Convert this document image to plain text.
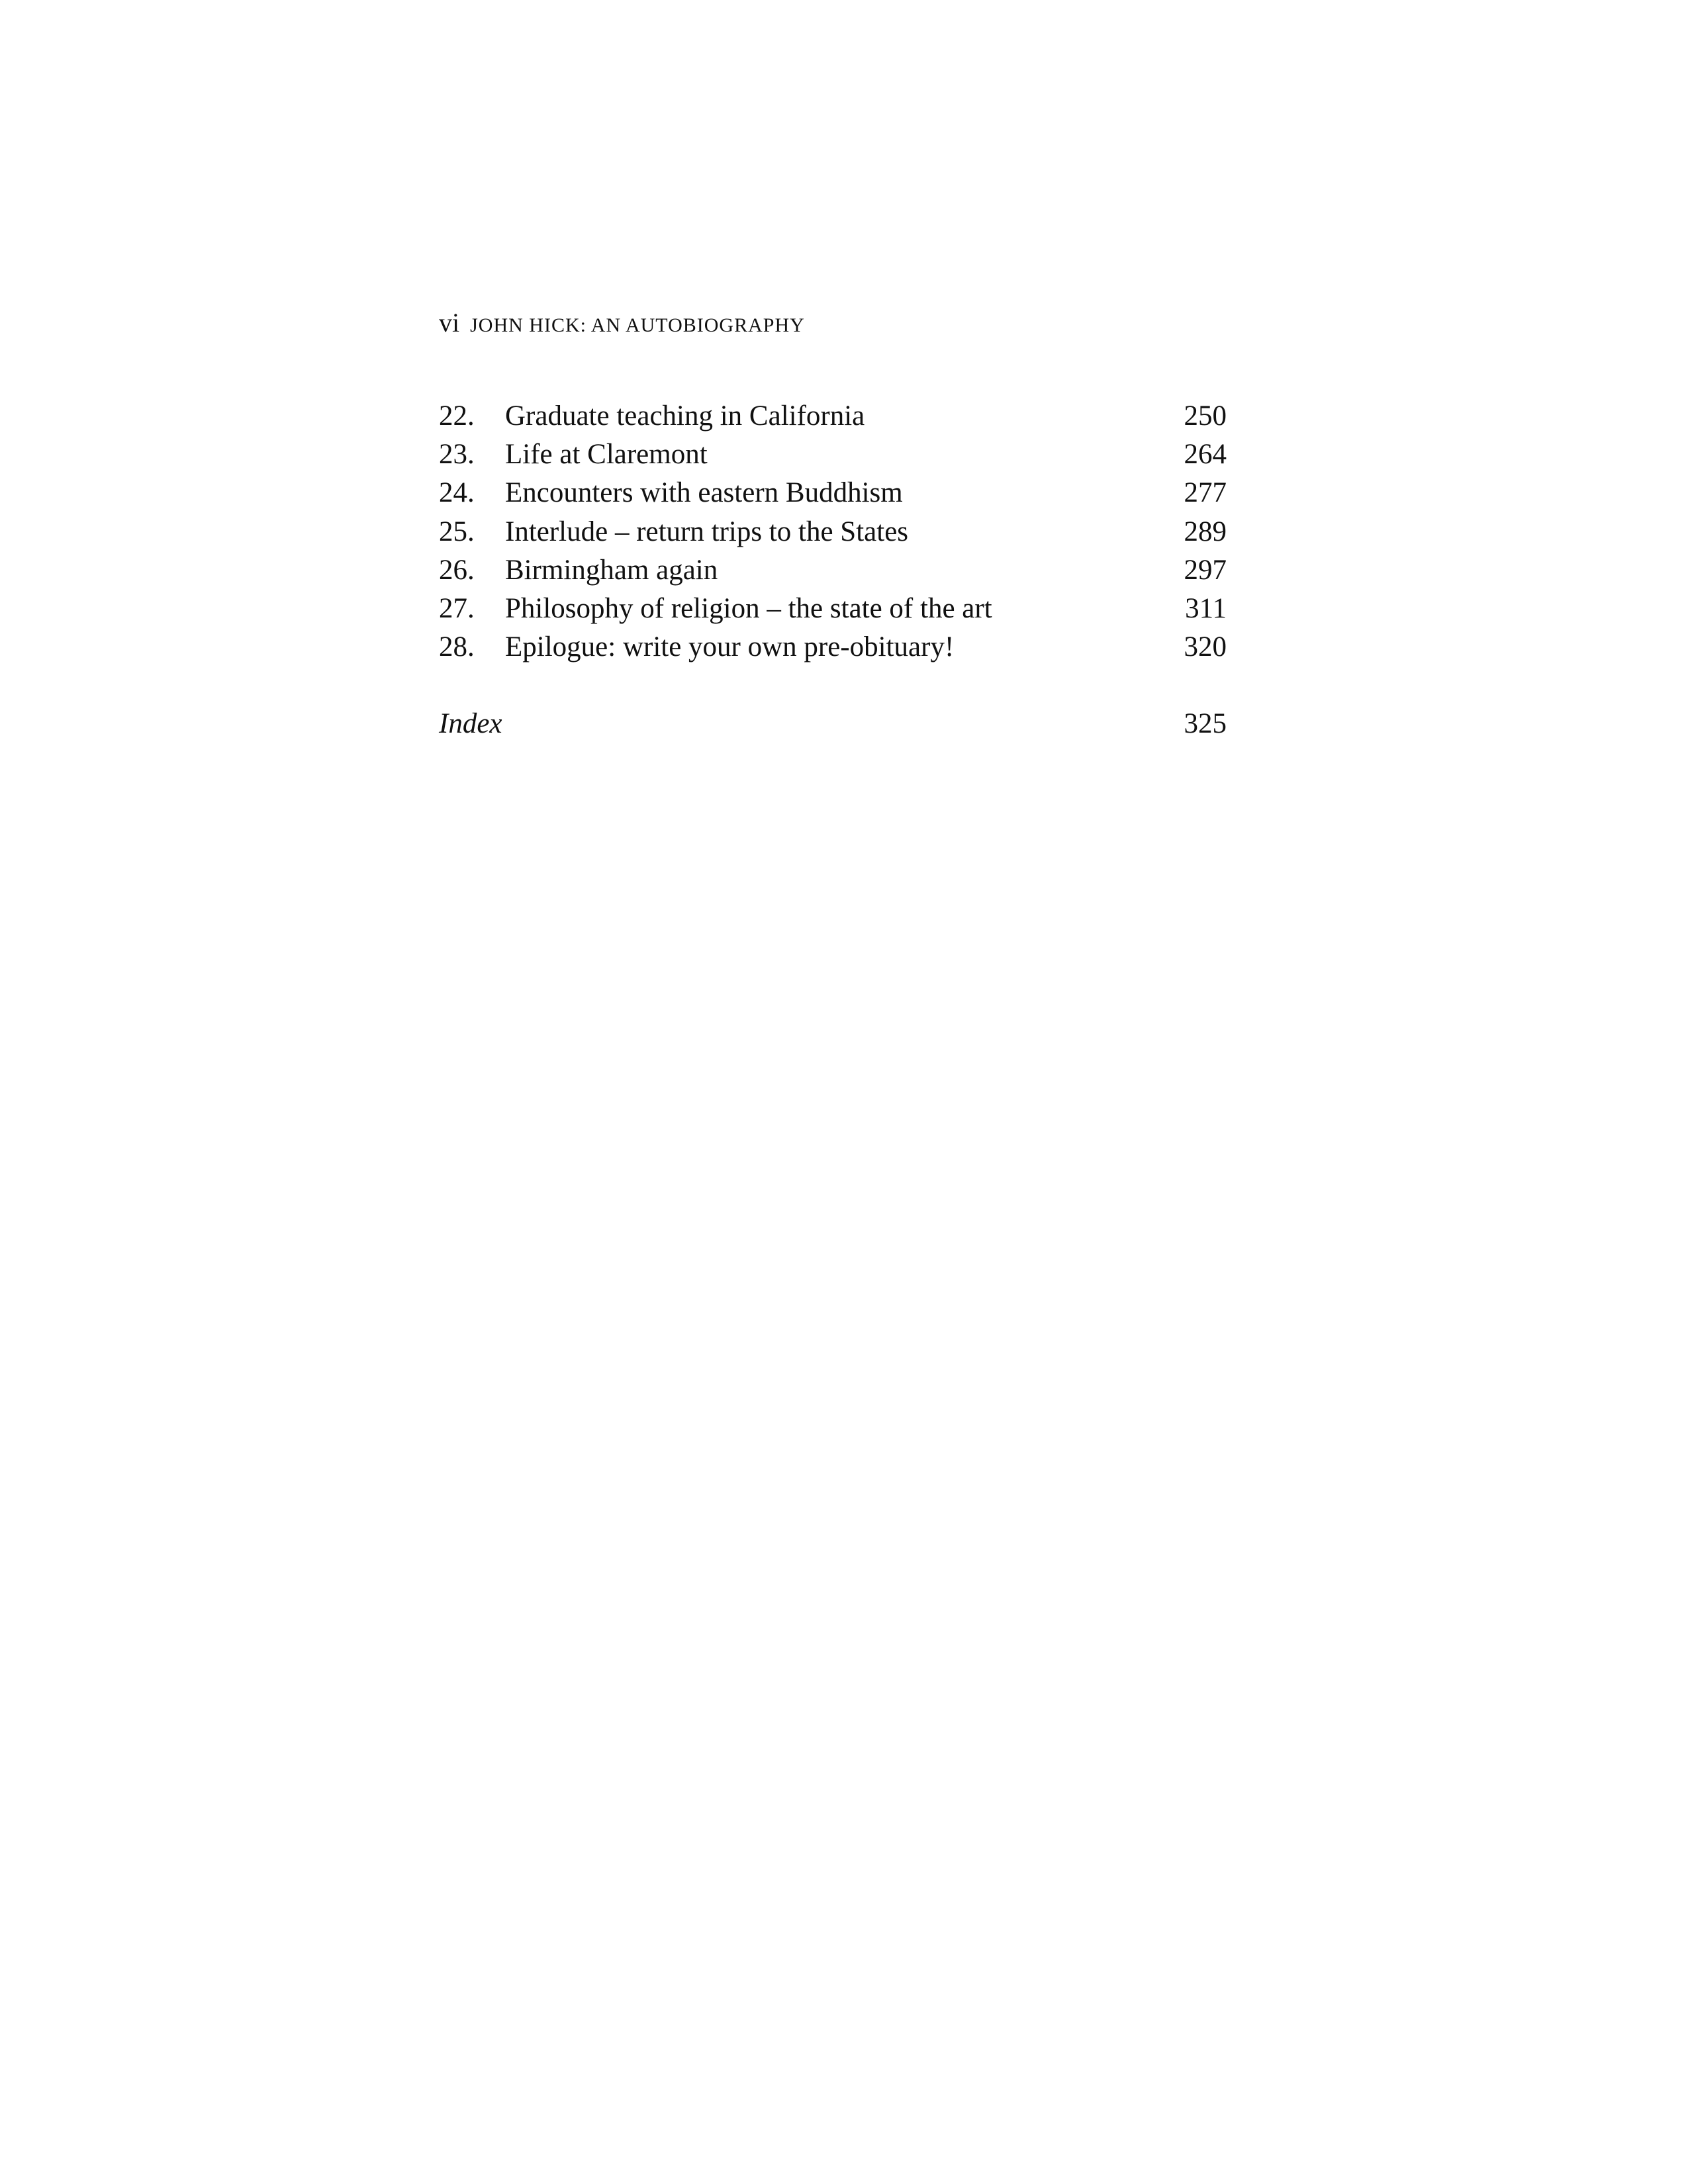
vi JOHN HICK: AN AUTOBIOGRAPHY
22.	Graduate teaching in California	250
23.	Life at Claremont	264
24.	Encounters with eastern Buddhism	277
25.	Interlude – return trips to the States	289
26.	Birmingham again	297
27.	Philosophy of religion – the state of the art	311
28.	Epilogue: write your own pre-obituary!	320
Index	325
